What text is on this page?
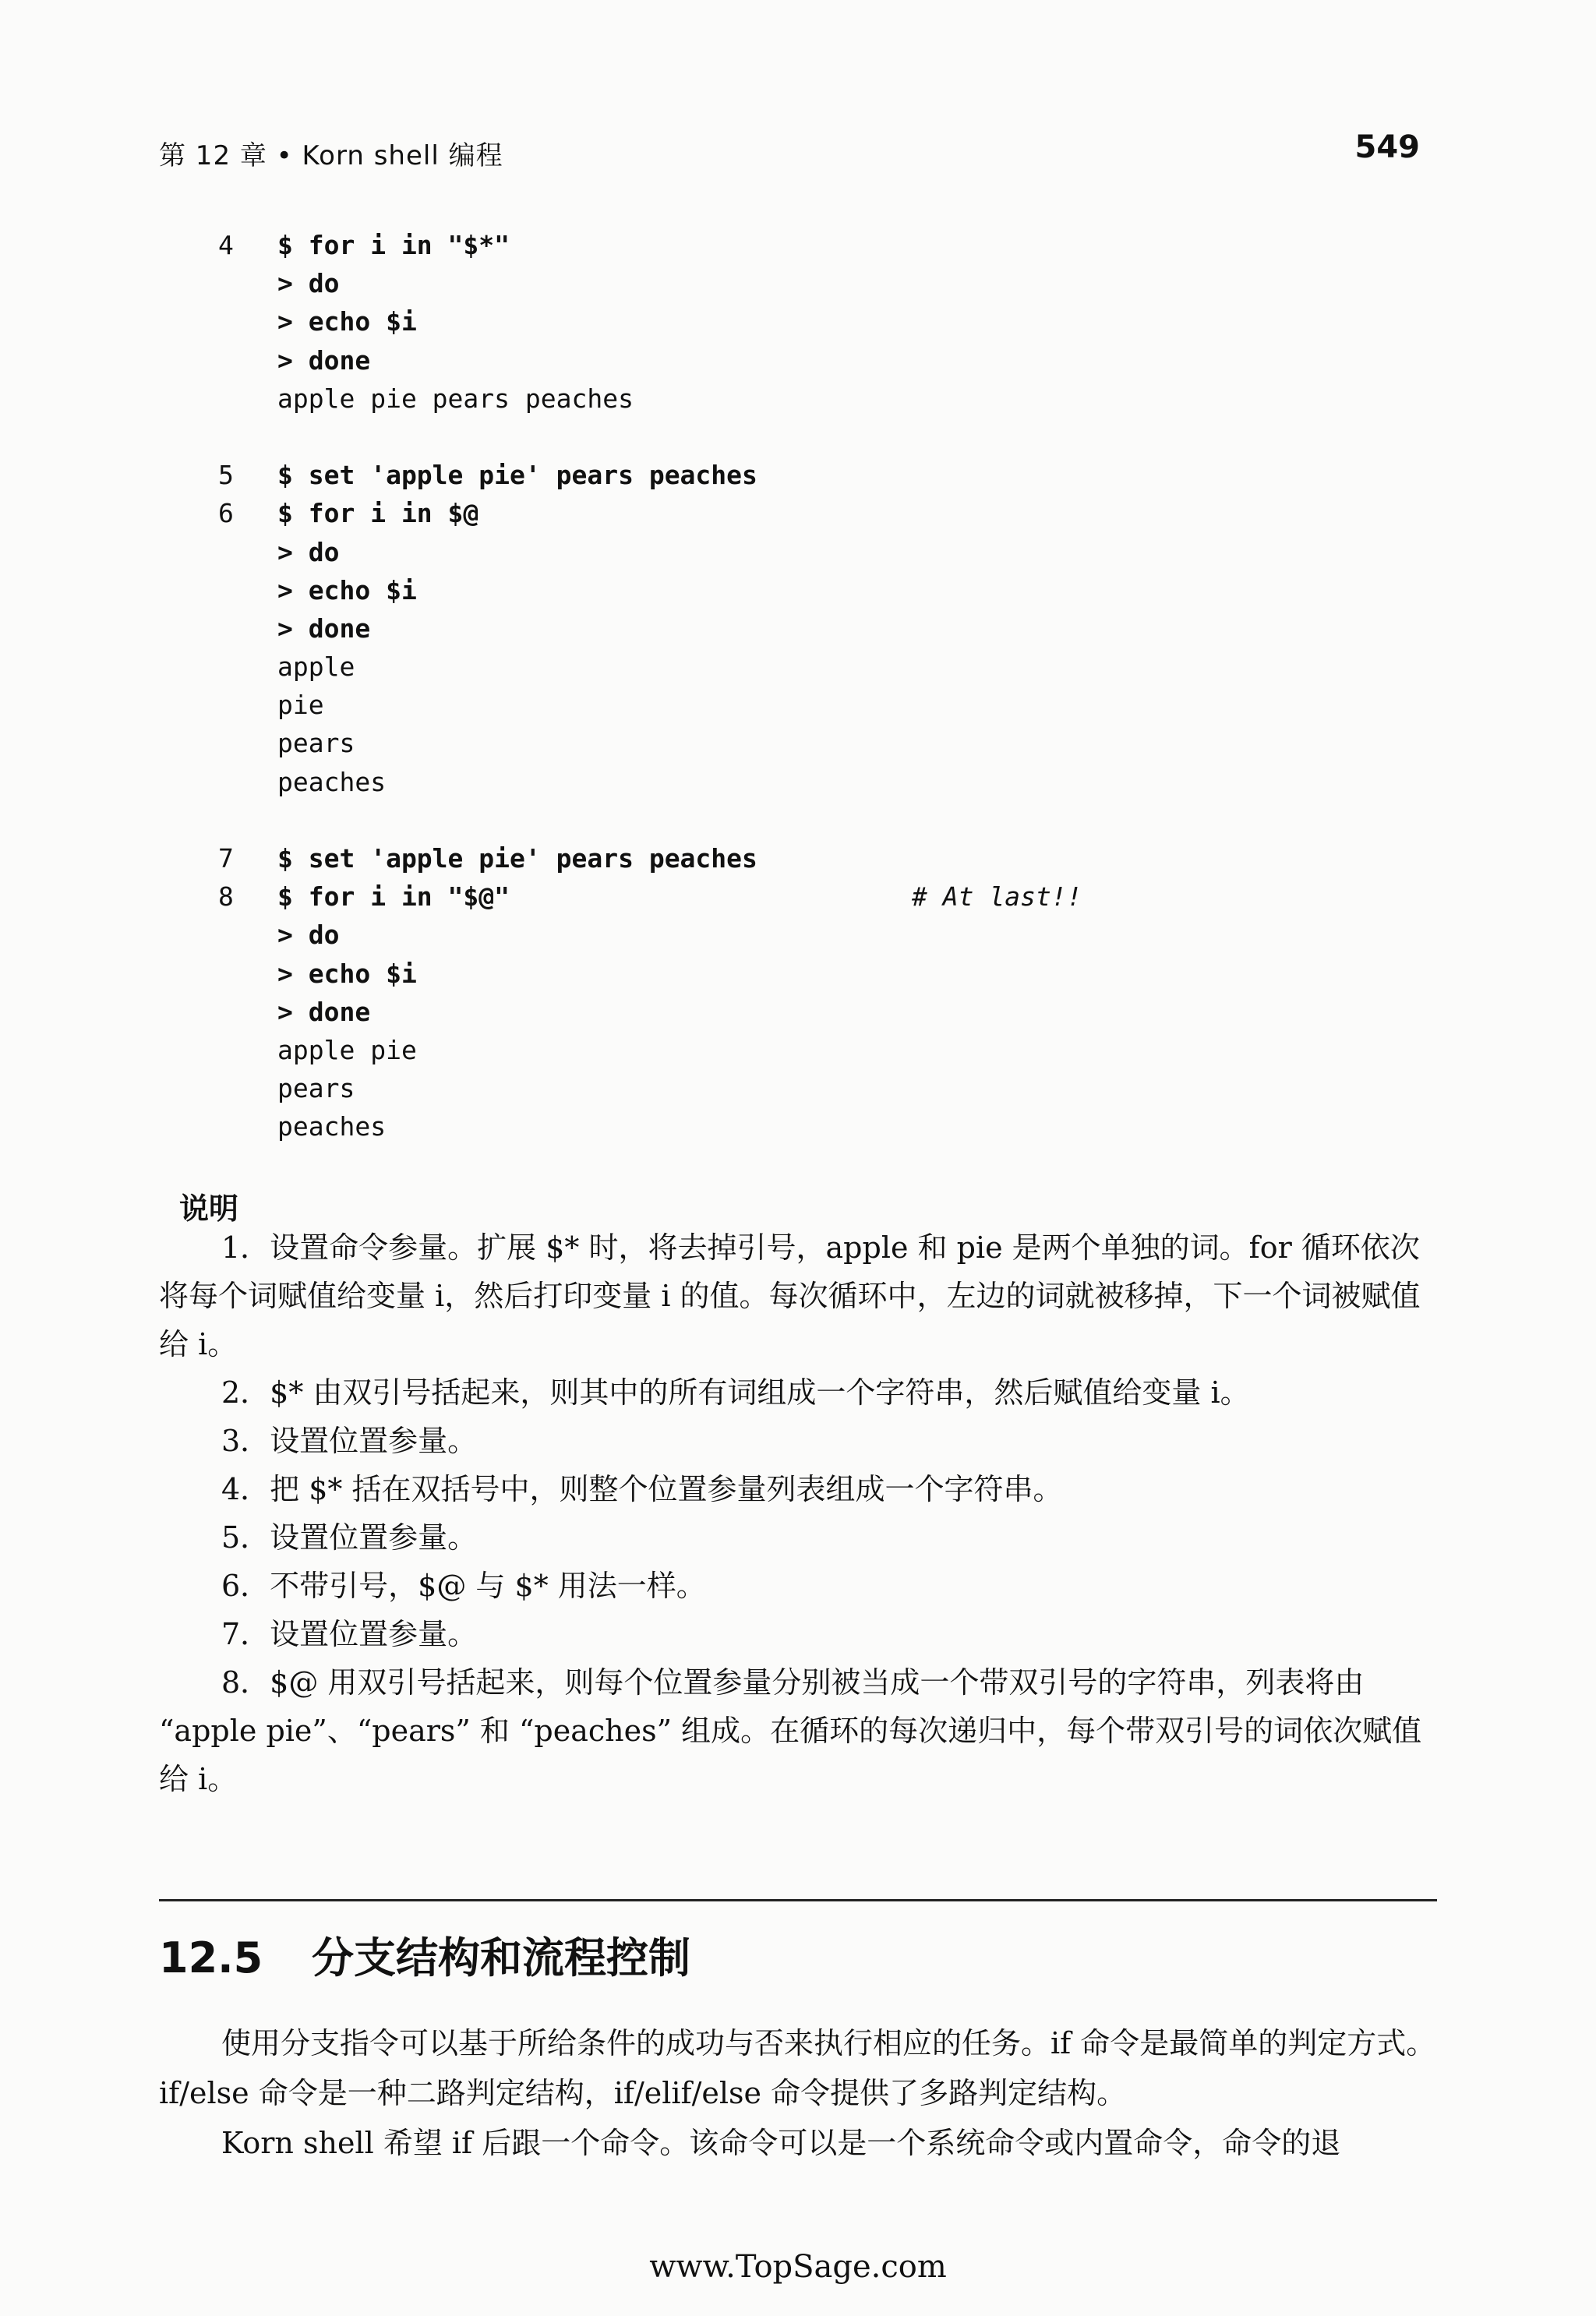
第 12 章 • Korn shell 编程	549
4	$ for i in "$*"
> do
> echo $i
> done
apple pie pears peaches
5	$ set 'apple pie' pears peaches
6	$ for i in $@
> do
> echo $i
> done
apple
pie
pears
peaches
7	$ set 'apple pie' pears peaches
8	$ for i in "$@"	# At last!!
> do
> echo $i
> done
apple pie
pears
peaches
说明

1．设置命令参量。扩展 $* 时，将去掉引号，apple 和 pie 是两个单独的词。for 循环依次将每个词赋值给变量 i，然后打印变量 i 的值。每次循环中，左边的词就被移掉，下一个词被赋值给 i。

2．$* 由双引号括起来，则其中的所有词组成一个字符串，然后赋值给变量 i。

3．设置位置参量。

4．把 $* 括在双括号中，则整个位置参量列表组成一个字符串。

5．设置位置参量。

6．不带引号，$@ 与 $* 用法一样。

7．设置位置参量。

8．$@ 用双引号括起来，则每个位置参量分别被当成一个带双引号的字符串，列表将由 “apple pie”、“pears” 和 “peaches” 组成。在循环的每次递归中，每个带双引号的词依次赋值给 i。

12.5 分支结构和流程控制

使用分支指令可以基于所给条件的成功与否来执行相应的任务。if 命令是最简单的判定方式。if/else 命令是一种二路判定结构，if/elif/else 命令提供了多路判定结构。

Korn shell 希望 if 后跟一个命令。该命令可以是一个系统命令或内置命令，命令的退

www.TopSage.com
